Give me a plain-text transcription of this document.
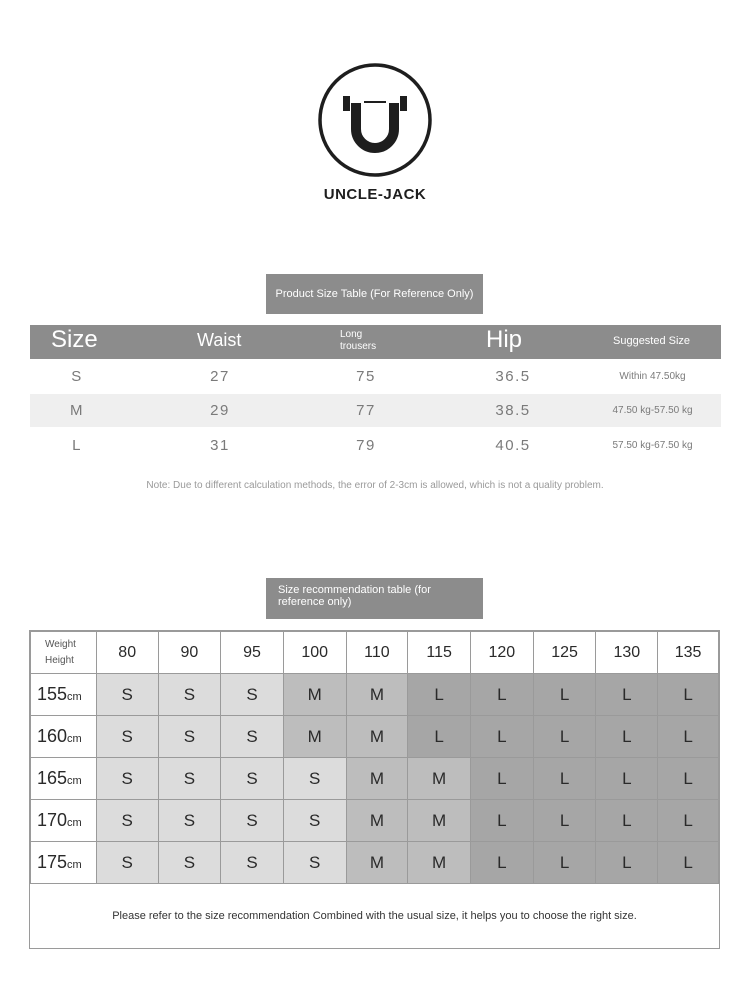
UNCLE-JACK
Product Size Table (For Reference Only)
Size	Waist	Long trousers	Hip	Suggested Size
S	27	75	36.5	Within 47.50kg
M	29	77	38.5	47.50 kg-57.50 kg
L	31	79	40.5	57.50 kg-67.50 kg
Note: Due to different calculation methods, the error of 2-3cm is allowed, which is not a quality problem.
Size recommendation table (for reference only)
Weight
Height	80	90	95	100	110	115	120	125	130	135
155cm	S	S	S	M	M	L	L	L	L	L
160cm	S	S	S	M	M	L	L	L	L	L
165cm	S	S	S	S	M	M	L	L	L	L
170cm	S	S	S	S	M	M	L	L	L	L
175cm	S	S	S	S	M	M	L	L	L	L
Please refer to the size recommendation Combined with the usual size, it helps you to choose the right size.
